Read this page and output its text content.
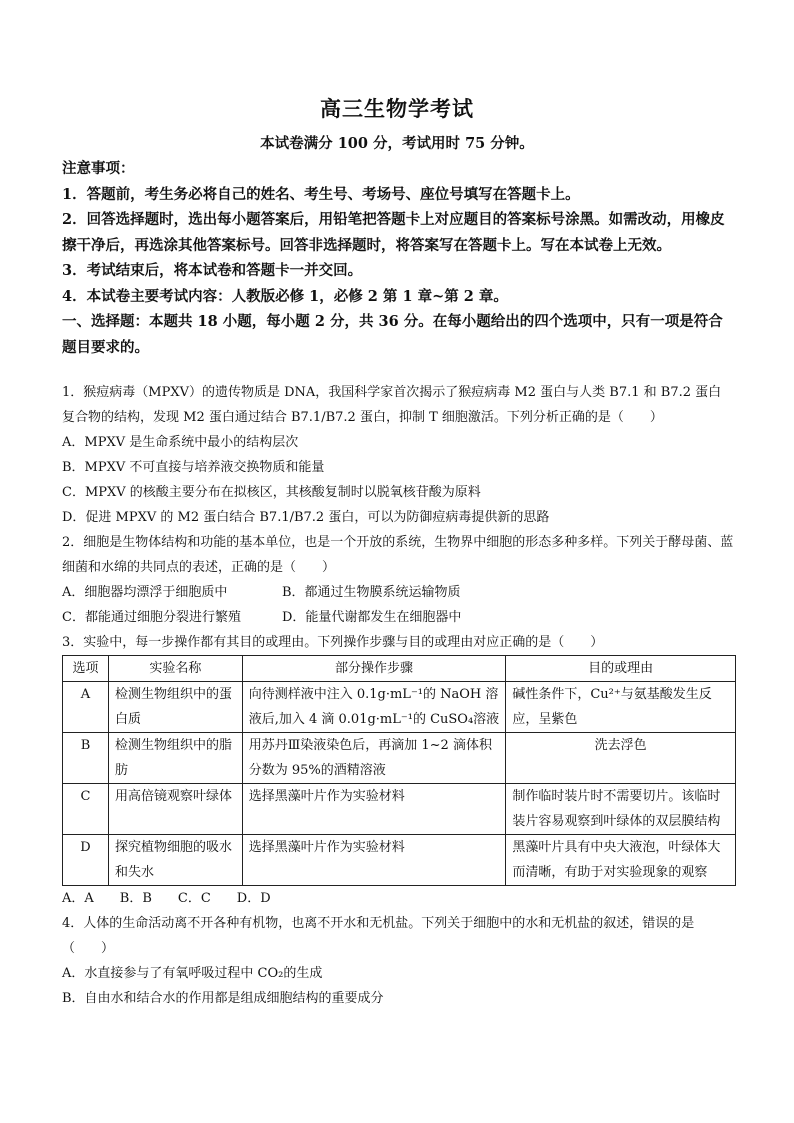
高三生物学考试
本试卷满分 100 分，考试用时 75 分钟。

注意事项：

1．答题前，考生务必将自己的姓名、考生号、考场号、座位号填写在答题卡上。

2．回答选择题时，选出每小题答案后，用铅笔把答题卡上对应题目的答案标号涂黑。如需改动，用橡皮擦干净后，再选涂其他答案标号。回答非选择题时，将答案写在答题卡上。写在本试卷上无效。

3．考试结束后，将本试卷和答题卡一并交回。

4．本试卷主要考试内容：人教版必修 1，必修 2 第 1 章~第 2 章。

一、选择题：本题共 18 小题，每小题 2 分，共 36 分。在每小题给出的四个选项中，只有一项是符合题目要求的。

1．猴痘病毒（MPXV）的遗传物质是 DNA，我国科学家首次揭示了猴痘病毒 M2 蛋白与人类 B7.1 和 B7.2 蛋白复合物的结构，发现 M2 蛋白通过结合 B7.1/B7.2 蛋白，抑制 T 细胞激活。下列分析正确的是（　　）

A．MPXV 是生命系统中最小的结构层次

B．MPXV 不可直接与培养液交换物质和能量

C．MPXV 的核酸主要分布在拟核区，其核酸复制时以脱氧核苷酸为原料

D．促进 MPXV 的 M2 蛋白结合 B7.1/B7.2 蛋白，可以为防御痘病毒提供新的思路

2．细胞是生物体结构和功能的基本单位，也是一个开放的系统，生物界中细胞的形态多种多样。下列关于酵母菌、蓝细菌和水绵的共同点的表述，正确的是（　　）

A．细胞器均漂浮于细胞质中	B．都通过生物膜系统运输物质

C．都能通过细胞分裂进行繁殖	D．能量代谢都发生在细胞器中

3．实验中，每一步操作都有其目的或理由。下列操作步骤与目的或理由对应正确的是（　　）

选项	实验名称	部分操作步骤	目的或理由
A	检测生物组织中的蛋白质	向待测样液中注入 0.1g·mL⁻¹的 NaOH 溶液后,加入 4 滴 0.01g·mL⁻¹的 CuSO₄溶液	碱性条件下，Cu²⁺与氨基酸发生反应，呈紫色
B	检测生物组织中的脂肪	用苏丹Ⅲ染液染色后，再滴加 1~2 滴体积分数为 95%的酒精溶液	洗去浮色
C	用高倍镜观察叶绿体	选择黑藻叶片作为实验材料	制作临时装片时不需要切片。该临时装片容易观察到叶绿体的双层膜结构
D	探究植物细胞的吸水和失水	选择黑藻叶片作为实验材料	黑藻叶片具有中央大液泡，叶绿体大而清晰，有助于对实验现象的观察

A．A　　B．B　　C．C　　D．D

4．人体的生命活动离不开各种有机物，也离不开水和无机盐。下列关于细胞中的水和无机盐的叙述，错误的是（　　）

A．水直接参与了有氧呼吸过程中 CO₂的生成

B．自由水和结合水的作用都是组成细胞结构的重要成分
